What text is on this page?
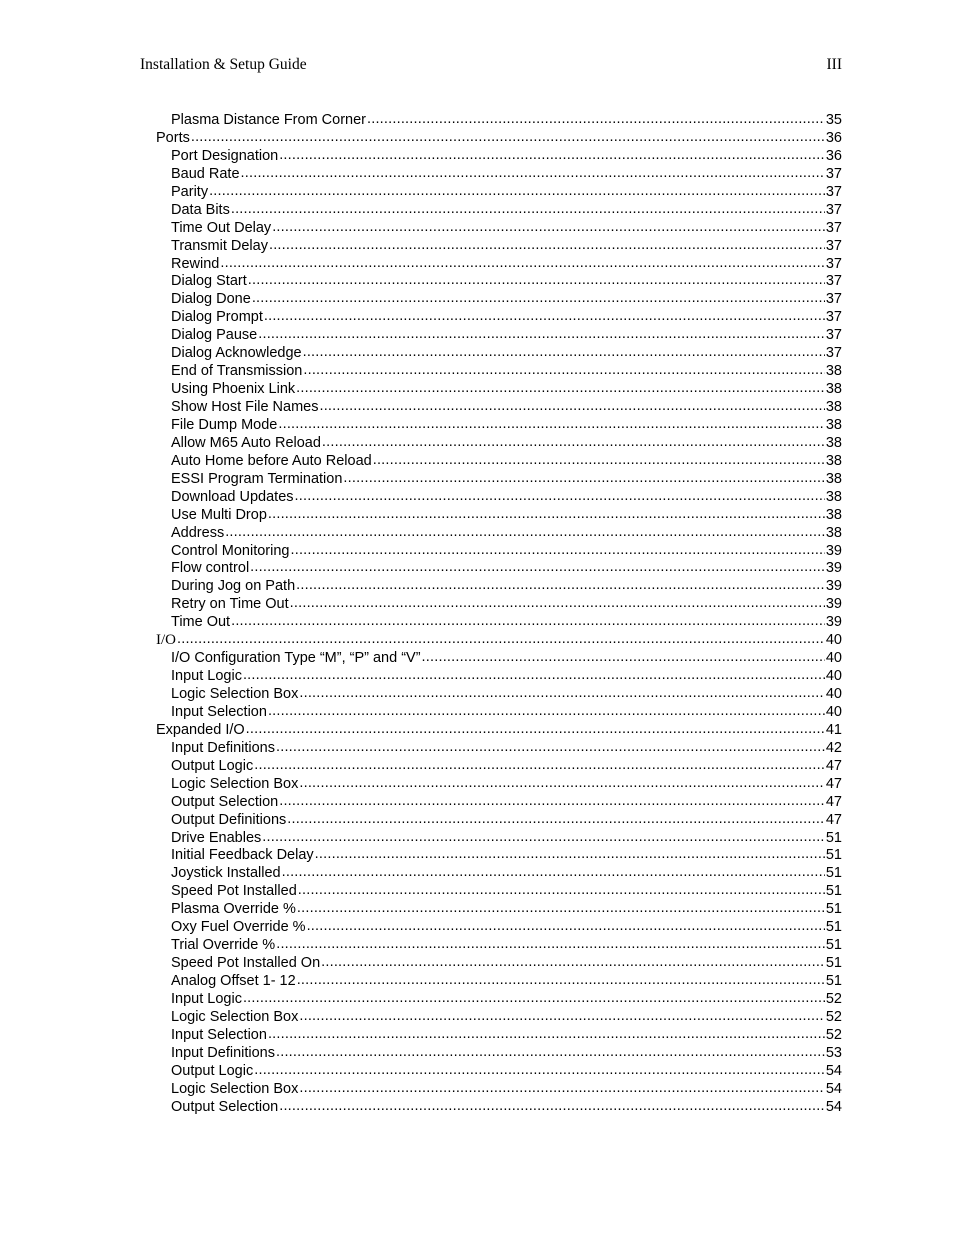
Installation & Setup Guide	III
Plasma Distance From Corner .....	35
Ports .....	36
Port Designation .....	36
Baud Rate .....	37
Parity .....	37
Data Bits .....	37
Time Out Delay .....	37
Transmit Delay .....	37
Rewind .....	37
Dialog Start .....	37
Dialog Done .....	37
Dialog Prompt .....	37
Dialog Pause .....	37
Dialog Acknowledge .....	37
End of Transmission .....	38
Using Phoenix Link .....	38
Show Host File Names .....	38
File Dump Mode .....	38
Allow M65 Auto Reload .....	38
Auto Home before Auto Reload .....	38
ESSI Program Termination .....	38
Download Updates .....	38
Use Multi Drop .....	38
Address .....	38
Control Monitoring .....	39
Flow control .....	39
During Jog on Path .....	39
Retry on Time Out .....	39
Time Out .....	39
I/O .....	40
I/O Configuration Type “M”, “P” and “V” .....	40
Input Logic .....	40
Logic Selection Box .....	40
Input Selection .....	40
Expanded I/O .....	41
Input Definitions .....	42
Output Logic .....	47
Logic Selection Box .....	47
Output Selection .....	47
Output Definitions .....	47
Drive Enables .....	51
Initial Feedback Delay .....	51
Joystick Installed .....	51
Speed Pot Installed .....	51
Plasma Override % .....	51
Oxy Fuel Override % .....	51
Trial Override % .....	51
Speed Pot Installed On .....	51
Analog Offset 1- 12 .....	51
Input Logic .....	52
Logic Selection Box .....	52
Input Selection .....	52
Input Definitions .....	53
Output Logic .....	54
Logic Selection Box .....	54
Output Selection .....	54
